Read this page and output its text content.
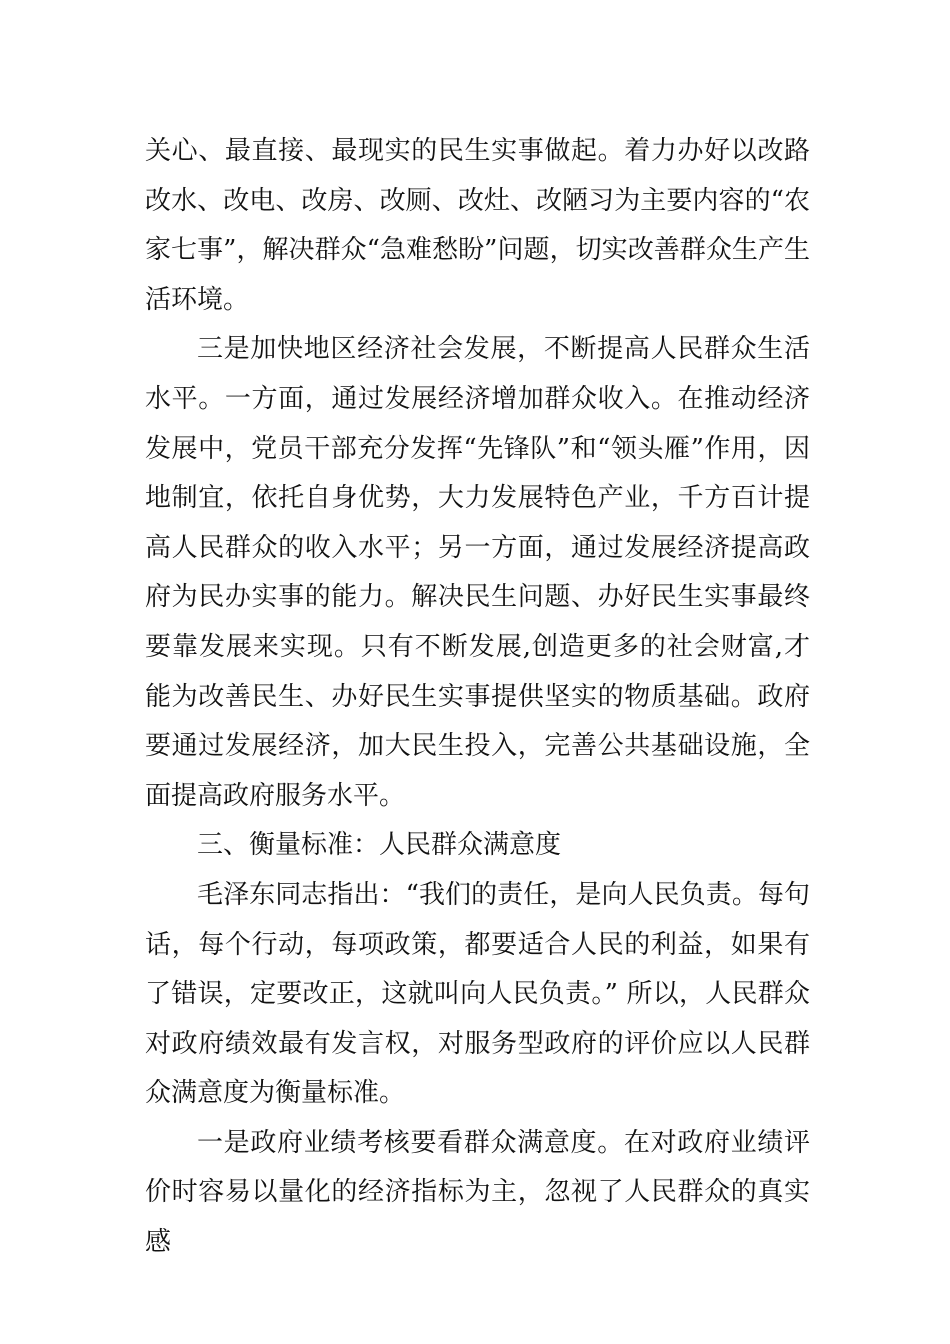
关心、最直接、最现实的民生实事做起。着力办好以改路改水、改电、改房、改厕、改灶、改陋习为主要内容的“农家七事”，解决群众“急难愁盼”问题，切实改善群众生产生活环境。

三是加快地区经济社会发展，不断提高人民群众生活水平。一方面，通过发展经济增加群众收入。在推动经济发展中，党员干部充分发挥“先锋队”和“领头雁”作用，因地制宜，依托自身优势，大力发展特色产业，千方百计提高人民群众的收入水平；另一方面，通过发展经济提高政府为民办实事的能力。解决民生问题、办好民生实事最终要靠发展来实现。只有不断发展,创造更多的社会财富,才能为改善民生、办好民生实事提供坚实的物质基础。政府要通过发展经济，加大民生投入，完善公共基础设施，全面提高政府服务水平。

三、衡量标准：人民群众满意度

毛泽东同志指出：“我们的责任，是向人民负责。每句话，每个行动，每项政策，都要适合人民的利益，如果有了错误，定要改正，这就叫向人民负责。” 所以，人民群众对政府绩效最有发言权，对服务型政府的评价应以人民群众满意度为衡量标准。

一是政府业绩考核要看群众满意度。在对政府业绩评价时容易以量化的经济指标为主，忽视了人民群众的真实感
